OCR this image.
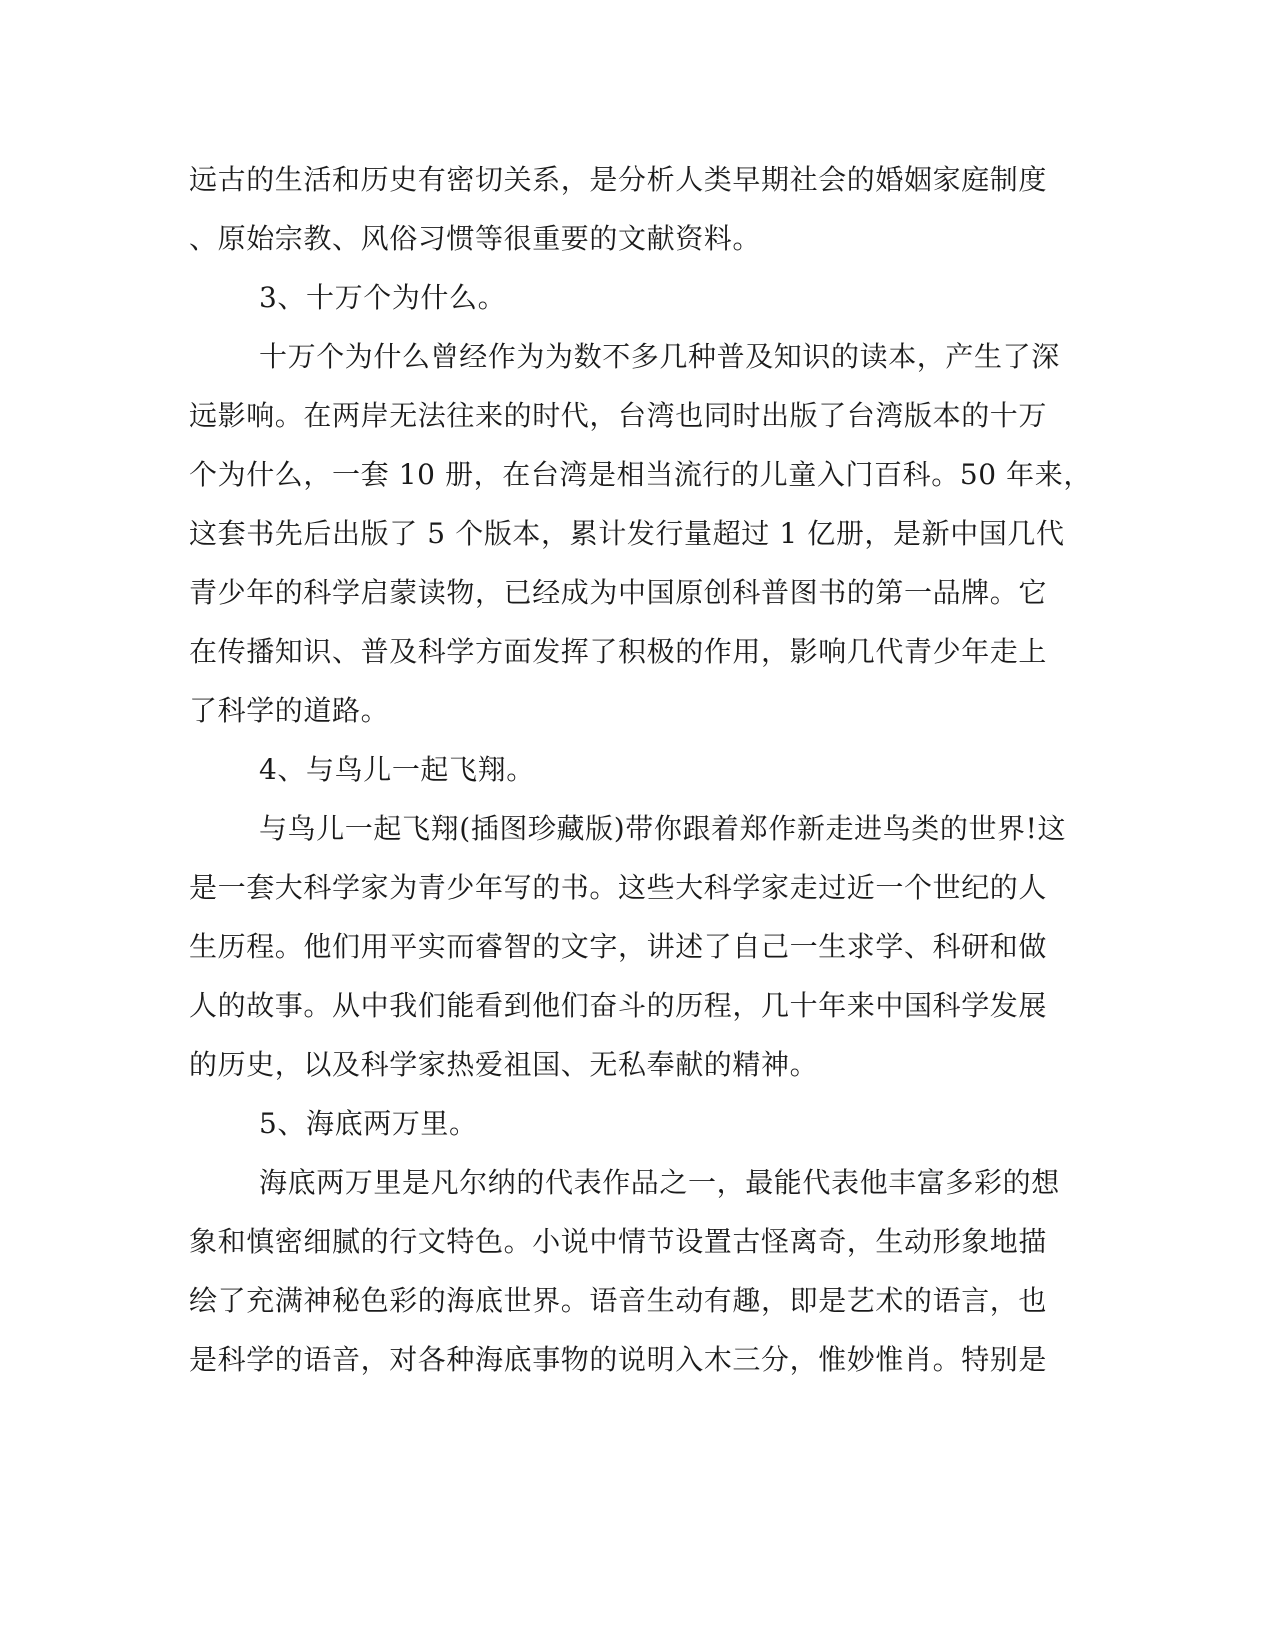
远古的生活和历史有密切关系，是分析人类早期社会的婚姻家庭制度
、原始宗教、风俗习惯等很重要的文献资料。
3、十万个为什么。
十万个为什么曾经作为为数不多几种普及知识的读本，产生了深
远影响。在两岸无法往来的时代，台湾也同时出版了台湾版本的十万
个为什么，一套 10 册，在台湾是相当流行的儿童入门百科。50 年来，
这套书先后出版了 5 个版本，累计发行量超过 1 亿册，是新中国几代
青少年的科学启蒙读物，已经成为中国原创科普图书的第一品牌。它
在传播知识、普及科学方面发挥了积极的作用，影响几代青少年走上
了科学的道路。
4、与鸟儿一起飞翔。
与鸟儿一起飞翔(插图珍藏版)带你跟着郑作新走进鸟类的世界!这
是一套大科学家为青少年写的书。这些大科学家走过近一个世纪的人
生历程。他们用平实而睿智的文字，讲述了自己一生求学、科研和做
人的故事。从中我们能看到他们奋斗的历程，几十年来中国科学发展
的历史，以及科学家热爱祖国、无私奉献的精神。
5、海底两万里。
海底两万里是凡尔纳的代表作品之一，最能代表他丰富多彩的想
象和慎密细腻的行文特色。小说中情节设置古怪离奇，生动形象地描
绘了充满神秘色彩的海底世界。语音生动有趣，即是艺术的语言，也
是科学的语音，对各种海底事物的说明入木三分，惟妙惟肖。特别是
